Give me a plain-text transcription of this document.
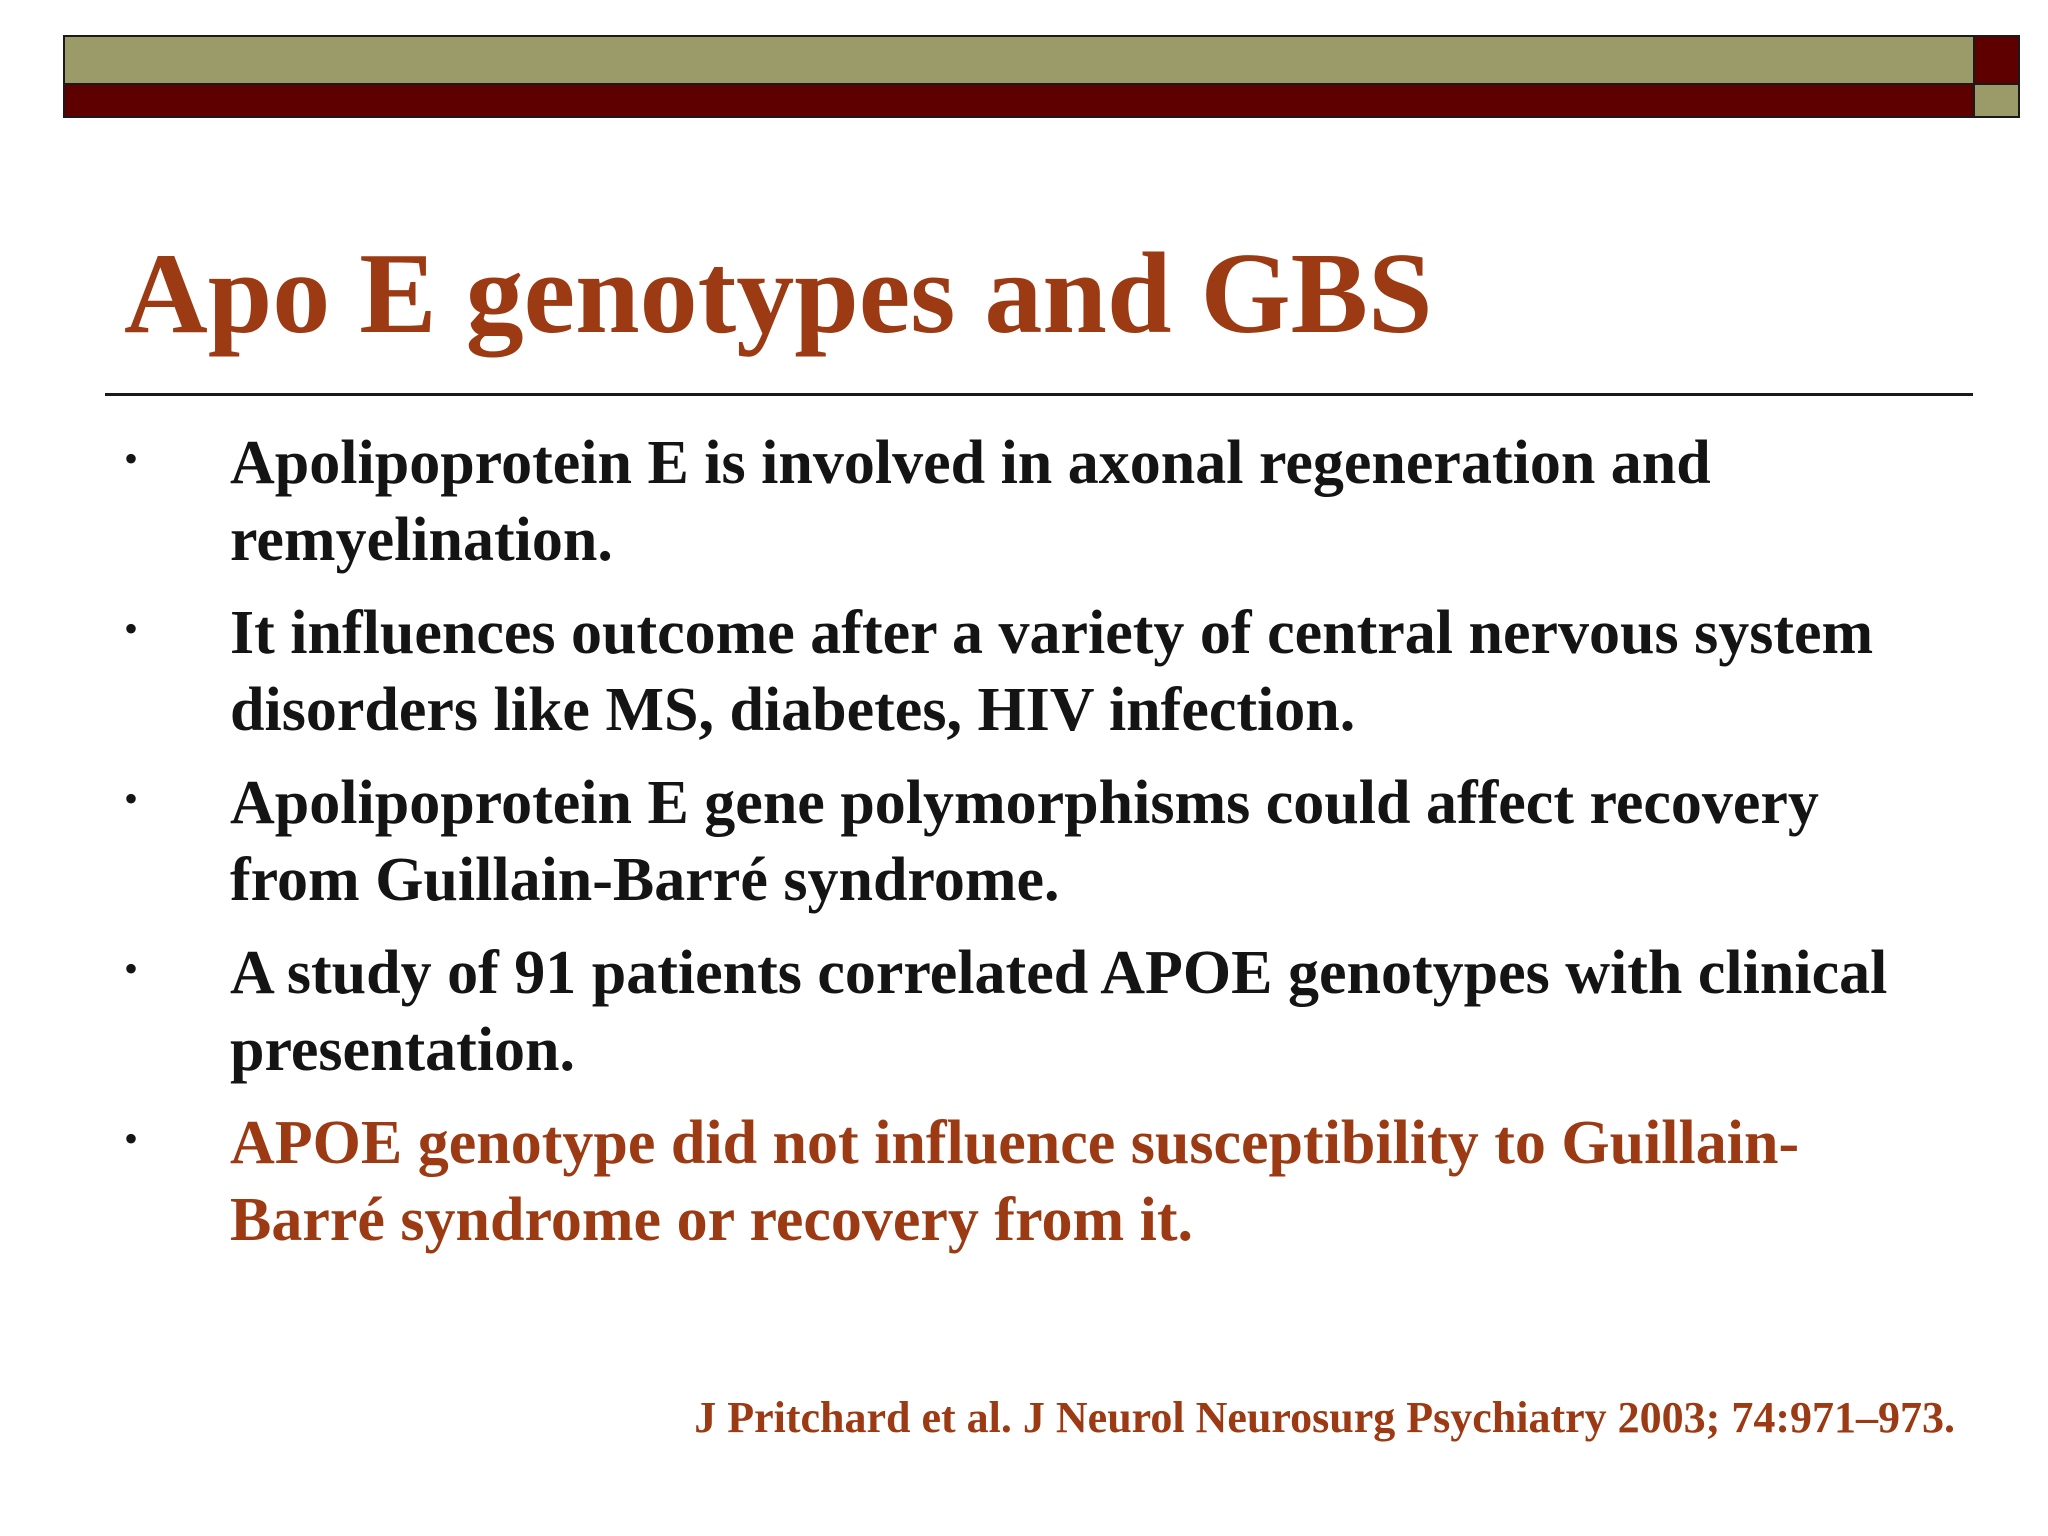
Apo E genotypes and GBS
• Apolipoprotein E is involved in axonal regeneration and remyelination.
• It influences outcome after a variety of central nervous system disorders like MS, diabetes, HIV infection.
• Apolipoprotein E gene polymorphisms could affect recovery from Guillain-Barré syndrome.
• A study of 91 patients correlated APOE genotypes with clinical presentation.
• APOE genotype did not influence susceptibility to Guillain-Barré syndrome or recovery from it.

J Pritchard et al. J Neurol Neurosurg Psychiatry 2003; 74:971–973.
